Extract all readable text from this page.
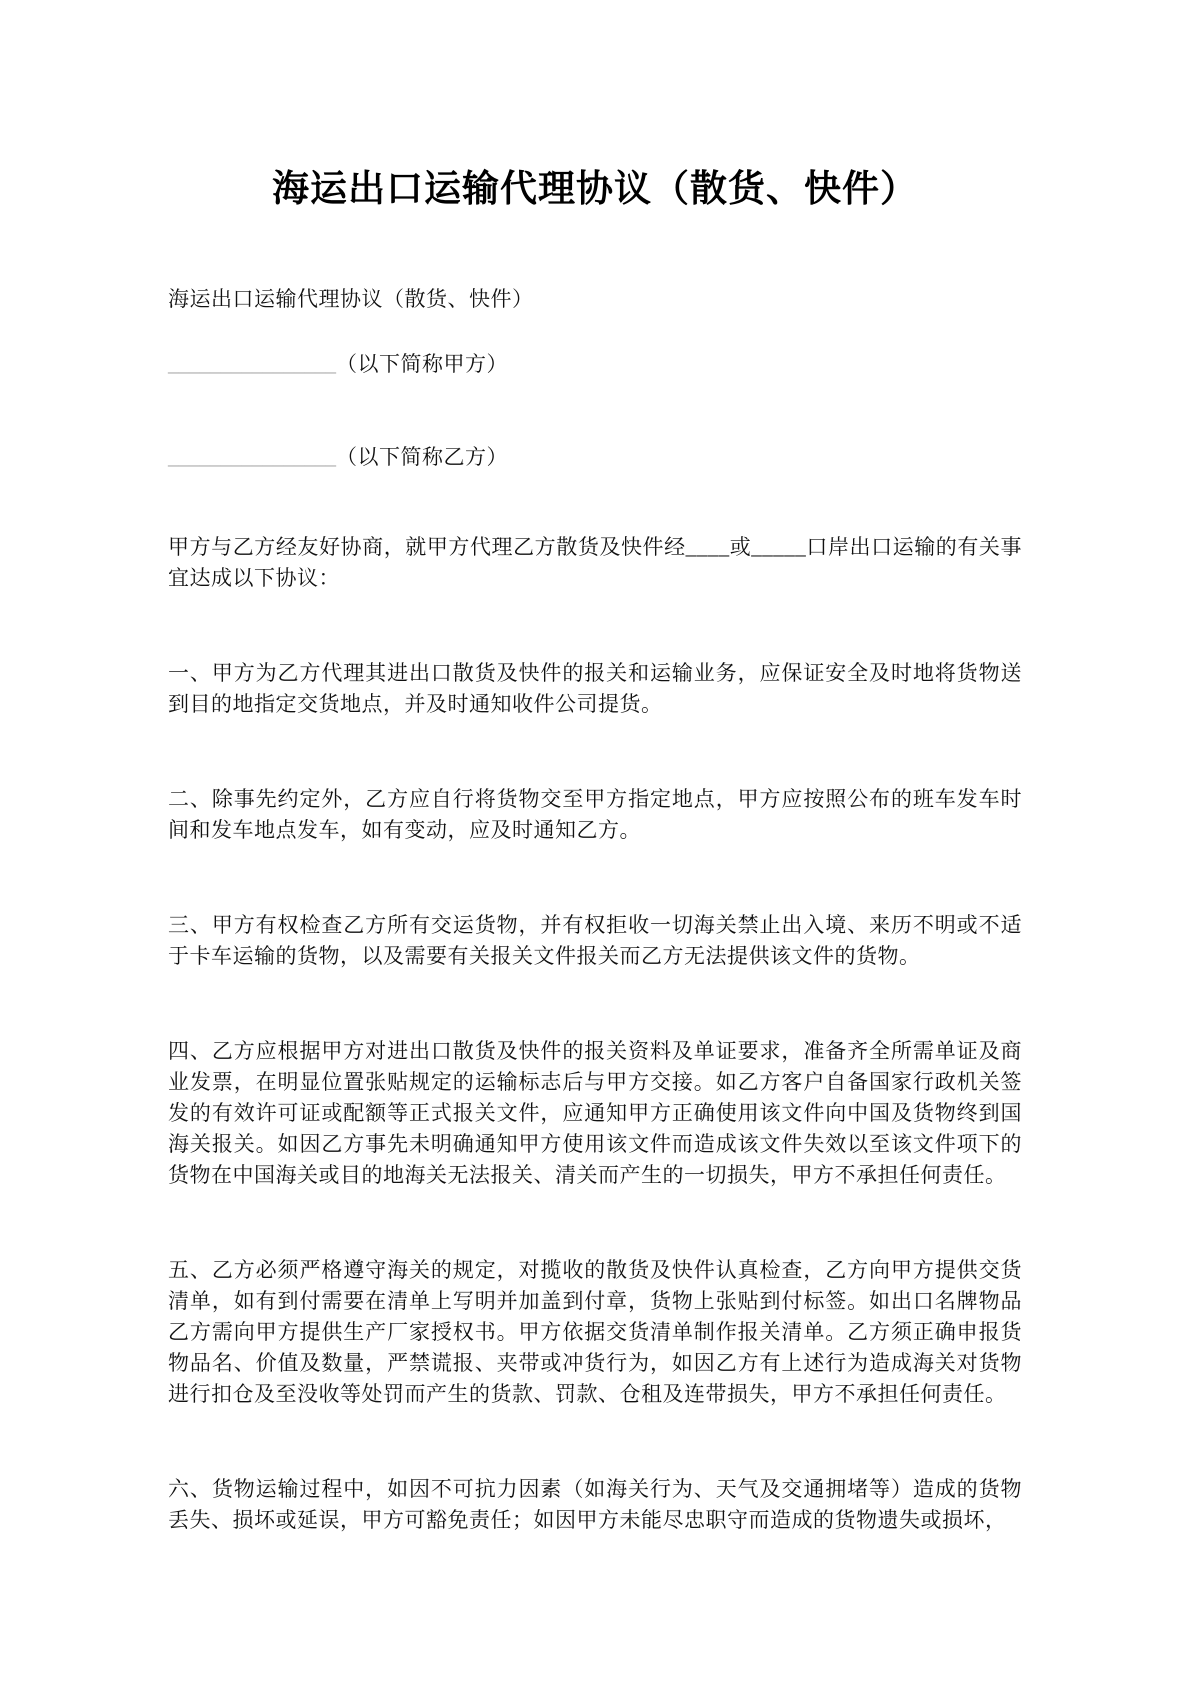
海运出口运输代理协议（散货、快件）

海运出口运输代理协议（散货、快件）

________________（以下简称甲方）

________________（以下简称乙方）

甲方与乙方经友好协商，就甲方代理乙方散货及快件经____或_____口岸出口运输的有关事宜达成以下协议：

一、甲方为乙方代理其进出口散货及快件的报关和运输业务，应保证安全及时地将货物送到目的地指定交货地点，并及时通知收件公司提货。

二、除事先约定外，乙方应自行将货物交至甲方指定地点，甲方应按照公布的班车发车时间和发车地点发车，如有变动，应及时通知乙方。

三、甲方有权检查乙方所有交运货物，并有权拒收一切海关禁止出入境、来历不明或不适于卡车运输的货物，以及需要有关报关文件报关而乙方无法提供该文件的货物。

四、乙方应根据甲方对进出口散货及快件的报关资料及单证要求，准备齐全所需单证及商业发票，在明显位置张贴规定的运输标志后与甲方交接。如乙方客户自备国家行政机关签发的有效许可证或配额等正式报关文件，应通知甲方正确使用该文件向中国及货物终到国海关报关。如因乙方事先未明确通知甲方使用该文件而造成该文件失效以至该文件项下的货物在中国海关或目的地海关无法报关、清关而产生的一切损失，甲方不承担任何责任。

五、乙方必须严格遵守海关的规定，对揽收的散货及快件认真检查，乙方向甲方提供交货清单，如有到付需要在清单上写明并加盖到付章，货物上张贴到付标签。如出口名牌物品乙方需向甲方提供生产厂家授权书。甲方依据交货清单制作报关清单。乙方须正确申报货物品名、价值及数量，严禁谎报、夹带或冲货行为，如因乙方有上述行为造成海关对货物进行扣仓及至没收等处罚而产生的货款、罚款、仓租及连带损失，甲方不承担任何责任。

六、货物运输过程中，如因不可抗力因素（如海关行为、天气及交通拥堵等）造成的货物丢失、损坏或延误，甲方可豁免责任；如因甲方未能尽忠职守而造成的货物遗失或损坏，
